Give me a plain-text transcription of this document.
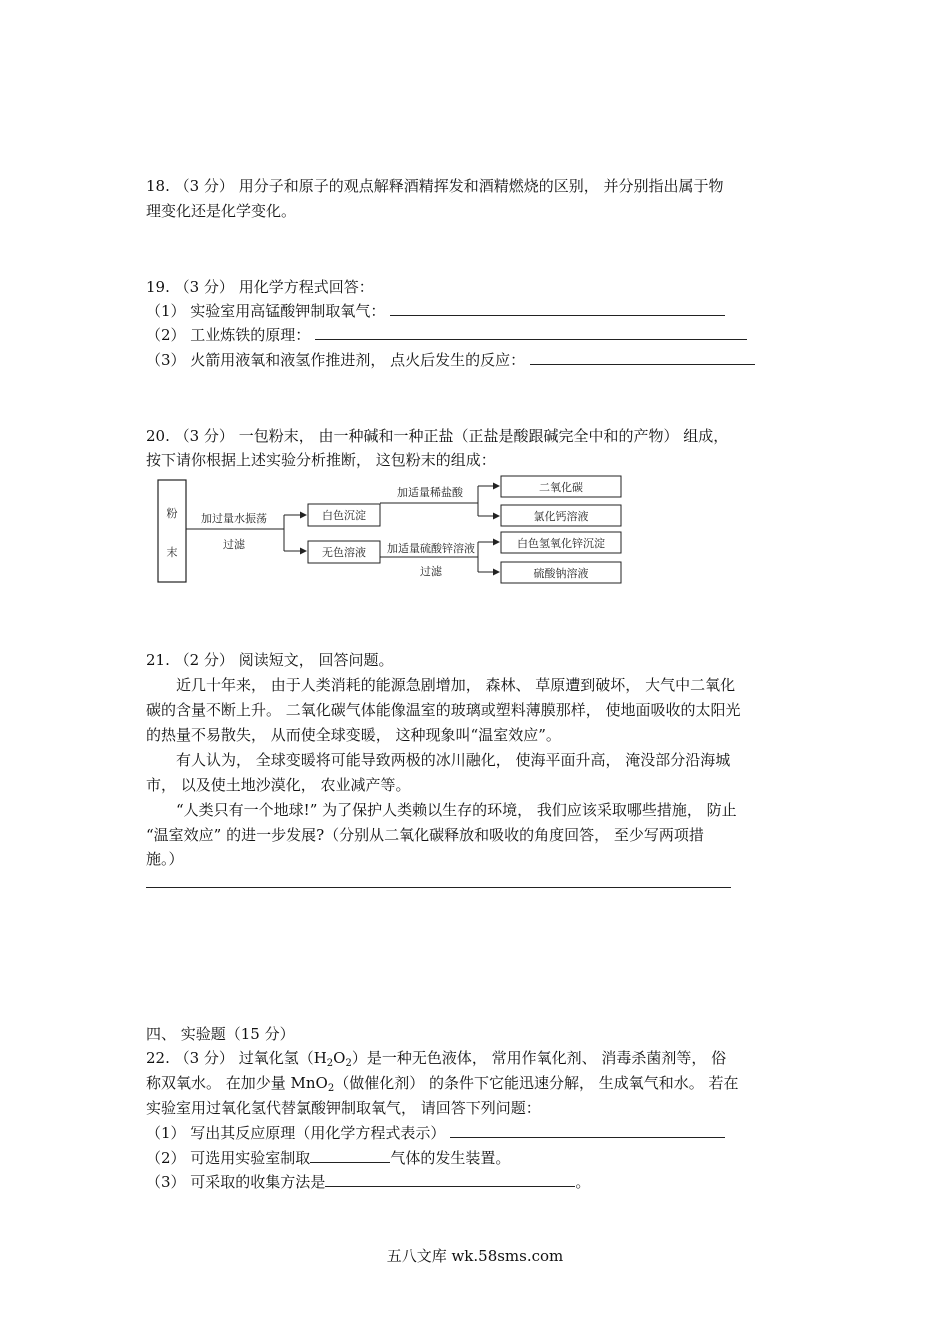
18. （3 分） 用分子和原子的观点解释酒精挥发和酒精燃烧的区别， 并分别指出属于物
理变化还是化学变化。
19. （3 分） 用化学方程式回答：
（1） 实验室用高锰酸钾制取氧气：
（2） 工业炼铁的原理：
（3） 火箭用液氧和液氢作推进剂， 点火后发生的反应：
20. （3 分） 一包粉末， 由一种碱和一种正盐（正盐是酸跟碱完全中和的产物） 组成，
按下请你根据上述实验分析推断， 这包粉末的组成：
粉
末
加过量水振荡
过滤
白色沉淀
无色溶液
加适量稀盐酸	二氧化碳
氯化钙溶液
加适量硫酸锌溶液
过滤
白色氢氧化锌沉淀
硫酸钠溶液
21. （2 分） 阅读短文， 回答问题。
近几十年来， 由于人类消耗的能源急剧增加， 森林、 草原遭到破坏， 大气中二氧化
碳的含量不断上升。 二氧化碳气体能像温室的玻璃或塑料薄膜那样， 使地面吸收的太阳光
的热量不易散失， 从而使全球变暖， 这种现象叫“温室效应”。
有人认为， 全球变暖将可能导致两极的冰川融化， 使海平面升高， 淹没部分沿海城
市， 以及使土地沙漠化， 农业减产等。
“人类只有一个地球!” 为了保护人类赖以生存的环境， 我们应该采取哪些措施， 防止
“温室效应” 的进一步发展?（分别从二氧化碳释放和吸收的角度回答， 至少写两项措
施。）
四、 实验题（15 分）
22. （3 分） 过氧化氢$(H_2O_2)$是一种无色液体， 常用作氧化剂、 消毒杀菌剂等， 俗
称双氧水。 在加少量 MnO$_2$（做催化剂） 的条件下它能迅速分解， 生成氧气和水。 若在
实验室用过氧化氢代替氯酸钾制取氧气， 请回答下列问题：
（1） 写出其反应原理（用化学方程式表示）
（2） 可选用实验室制取	气体的发生装置。
（3） 可采取的收集方法是	。
五八文库 wk.58sms.com
